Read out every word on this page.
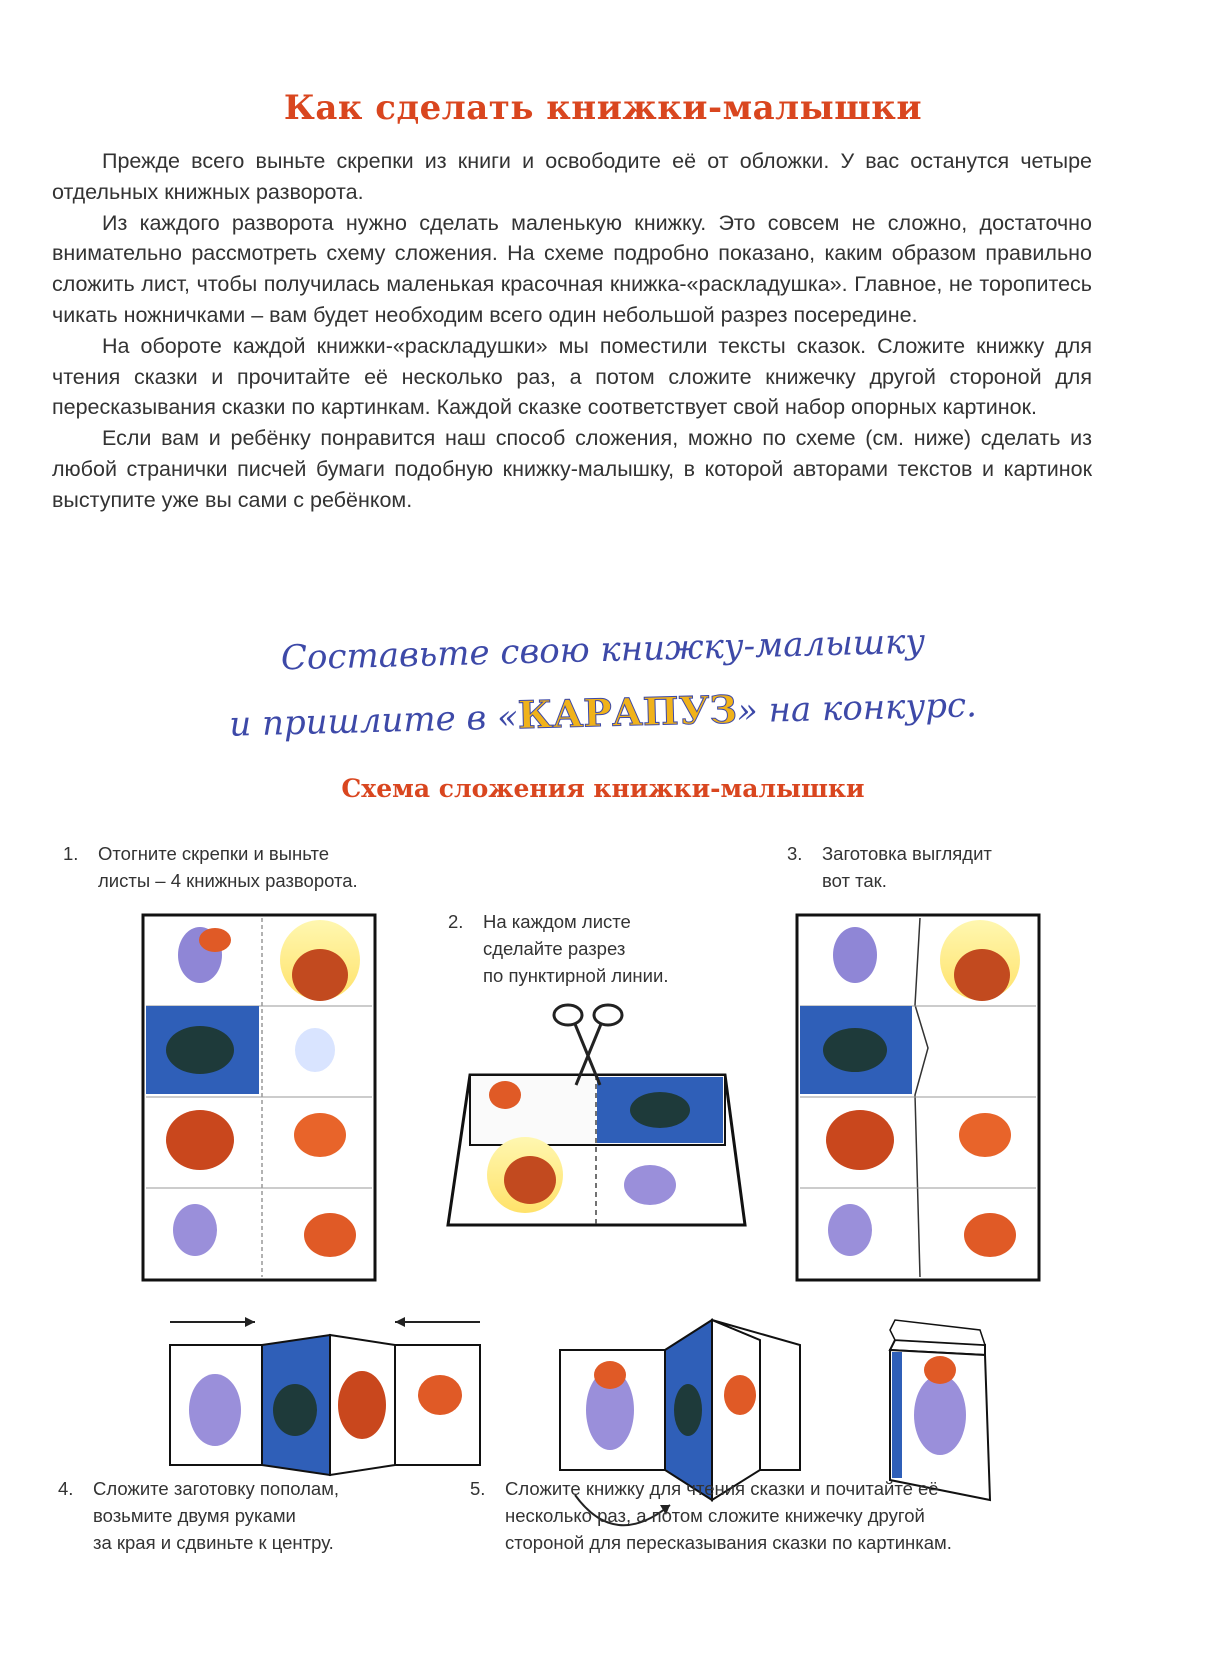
Как сделать книжки-малышки

Прежде всего выньте скрепки из книги и освободите её от обложки. У вас останутся четыре отдельных книжных разворота.

Из каждого разворота нужно сделать маленькую книжку. Это совсем не сложно, достаточно внимательно рассмотреть схему сложения. На схеме подробно показано, каким образом правильно сложить лист, чтобы получилась маленькая красочная книжка-«раскладушка». Главное, не торопитесь чикать ножничками – вам будет необходим всего один небольшой разрез посередине.

На обороте каждой книжки-«раскладушки» мы поместили тексты сказок. Сложите книжку для чтения сказки и прочитайте её несколько раз, а потом сложите книжечку другой стороной для пересказывания сказки по картинкам. Каждой сказке соответствует свой набор опорных картинок.

Если вам и ребёнку понравится наш способ сложения, можно по схеме (см. ниже) сделать из любой странички писчей бумаги подобную книжку-малышку, в которой авторами текстов и картинок выступите уже вы сами с ребёнком.

Составьте свою книжку-малышку
и пришлите в «КАРАПУЗ» на конкурс.
Схема сложения книжки-малышки
1. Отогните скрепки и выньте
листы – 4 книжных разворота.
2. На каждом листе
сделайте разрез
по пунктирной линии.
3. Заготовка выглядит
вот так.
4. Сложите заготовку пополам,
возьмите двумя руками
за края и сдвиньте к центру.
5. Сложите книжку для чтения сказки и почитайте её
несколько раз, а потом сложите книжечку другой
стороной для пересказывания сказки по картинкам.
